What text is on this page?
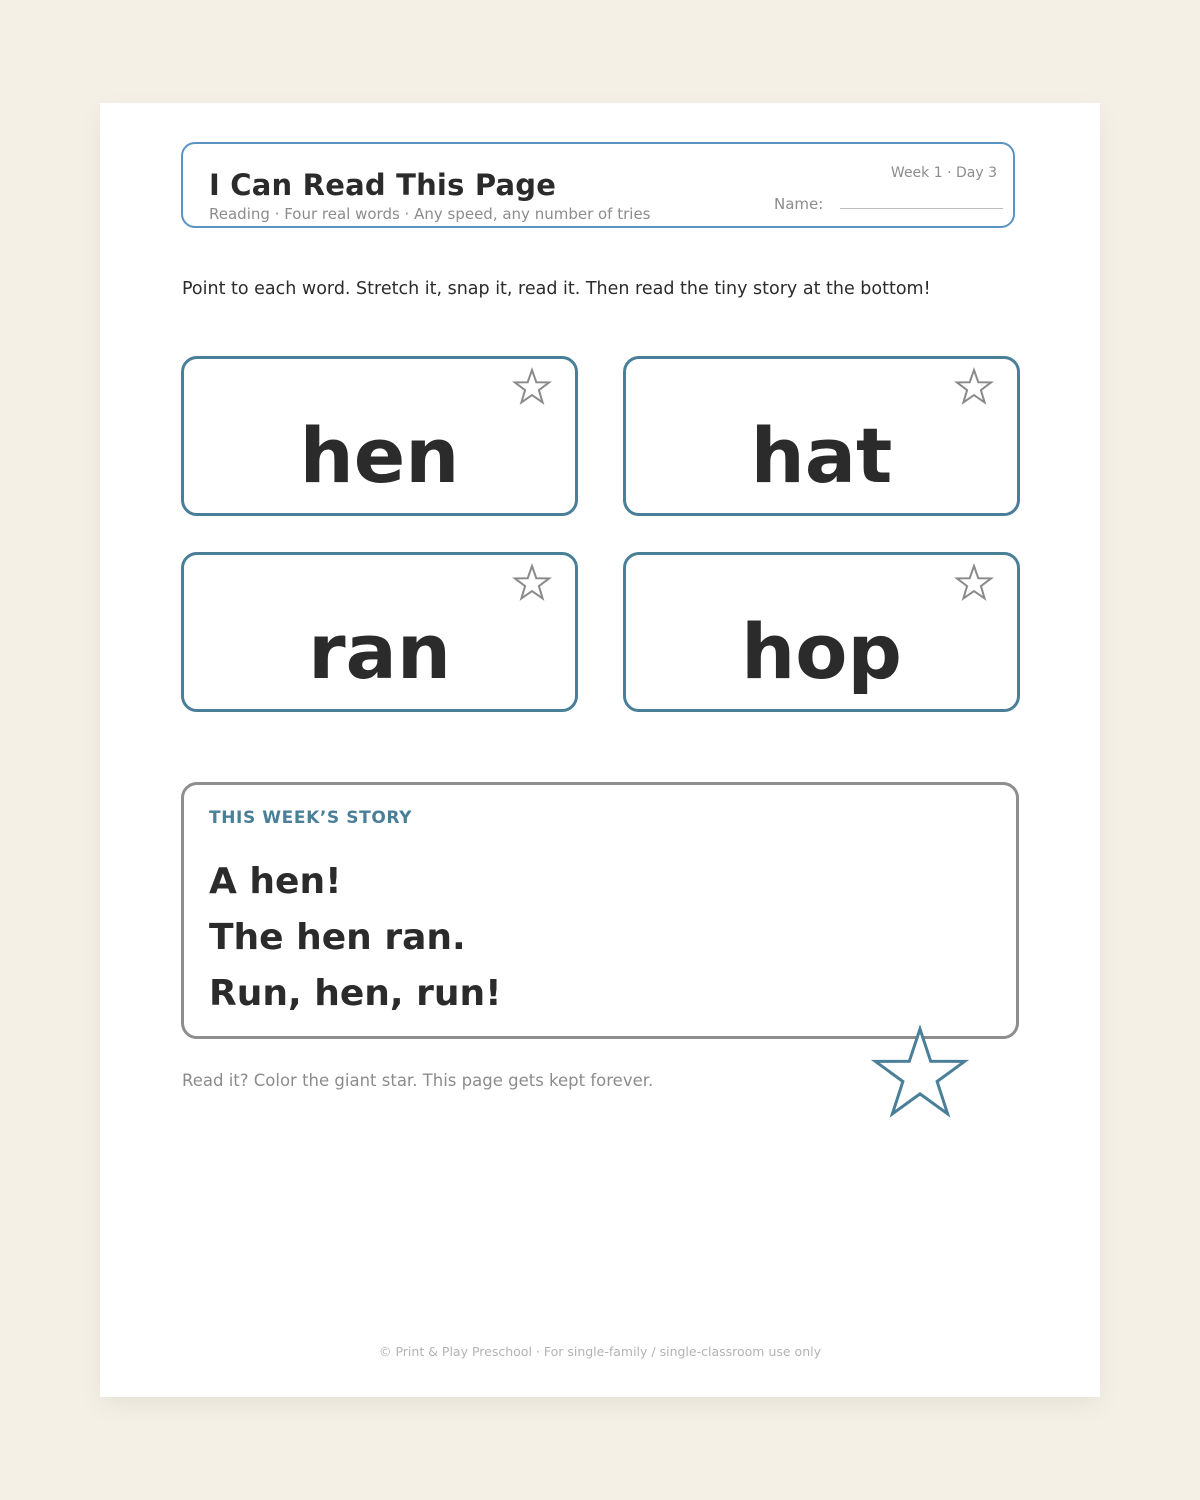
I Can Read This Page
Reading · Four real words · Any speed, any number of tries
Week 1 · Day 3
Name:
Point to each word. Stretch it, snap it, read it. Then read the tiny story at the bottom!
hen	hat
ran	hop
THIS WEEK’S STORY
A hen!
The hen ran.
Run, hen, run!
Read it? Color the giant star. This page gets kept forever.
© Print & Play Preschool · For single-family / single-classroom use only
